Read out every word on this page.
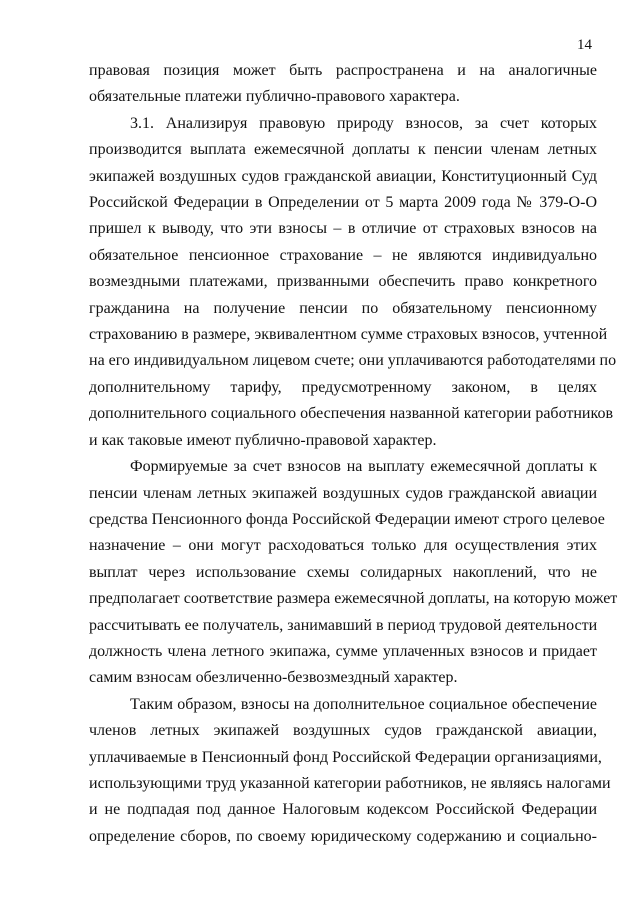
14

правовая позиция может быть распространена и на аналогичные
обязательные платежи публично-правового характера.

3.1. Анализируя правовую природу взносов, за счет которых
производится выплата ежемесячной доплаты к пенсии членам летных
экипажей воздушных судов гражданской авиации, Конституционный Суд
Российской Федерации в Определении от 5 марта 2009 года № 379-О-О
пришел к выводу, что эти взносы – в отличие от страховых взносов на
обязательное пенсионное страхование – не являются индивидуально
возмездными платежами, призванными обеспечить право конкретного
гражданина на получение пенсии по обязательному пенсионному
страхованию в размере, эквивалентном сумме страховых взносов, учтенной
на его индивидуальном лицевом счете; они уплачиваются работодателями по
дополнительному тарифу, предусмотренному законом, в целях
дополнительного социального обеспечения названной категории работников
и как таковые имеют публично-правовой характер.

Формируемые за счет взносов на выплату ежемесячной доплаты к
пенсии членам летных экипажей воздушных судов гражданской авиации
средства Пенсионного фонда Российской Федерации имеют строго целевое
назначение – они могут расходоваться только для осуществления этих
выплат через использование схемы солидарных накоплений, что не
предполагает соответствие размера ежемесячной доплаты, на которую может
рассчитывать ее получатель, занимавший в период трудовой деятельности
должность члена летного экипажа, сумме уплаченных взносов и придает
самим взносам обезличенно-безвозмездный характер.

Таким образом, взносы на дополнительное социальное обеспечение
членов летных экипажей воздушных судов гражданской авиации,
уплачиваемые в Пенсионный фонд Российской Федерации организациями,
использующими труд указанной категории работников, не являясь налогами
и не подпадая под данное Налоговым кодексом Российской Федерации
определение сборов, по своему юридическому содержанию и социально-
